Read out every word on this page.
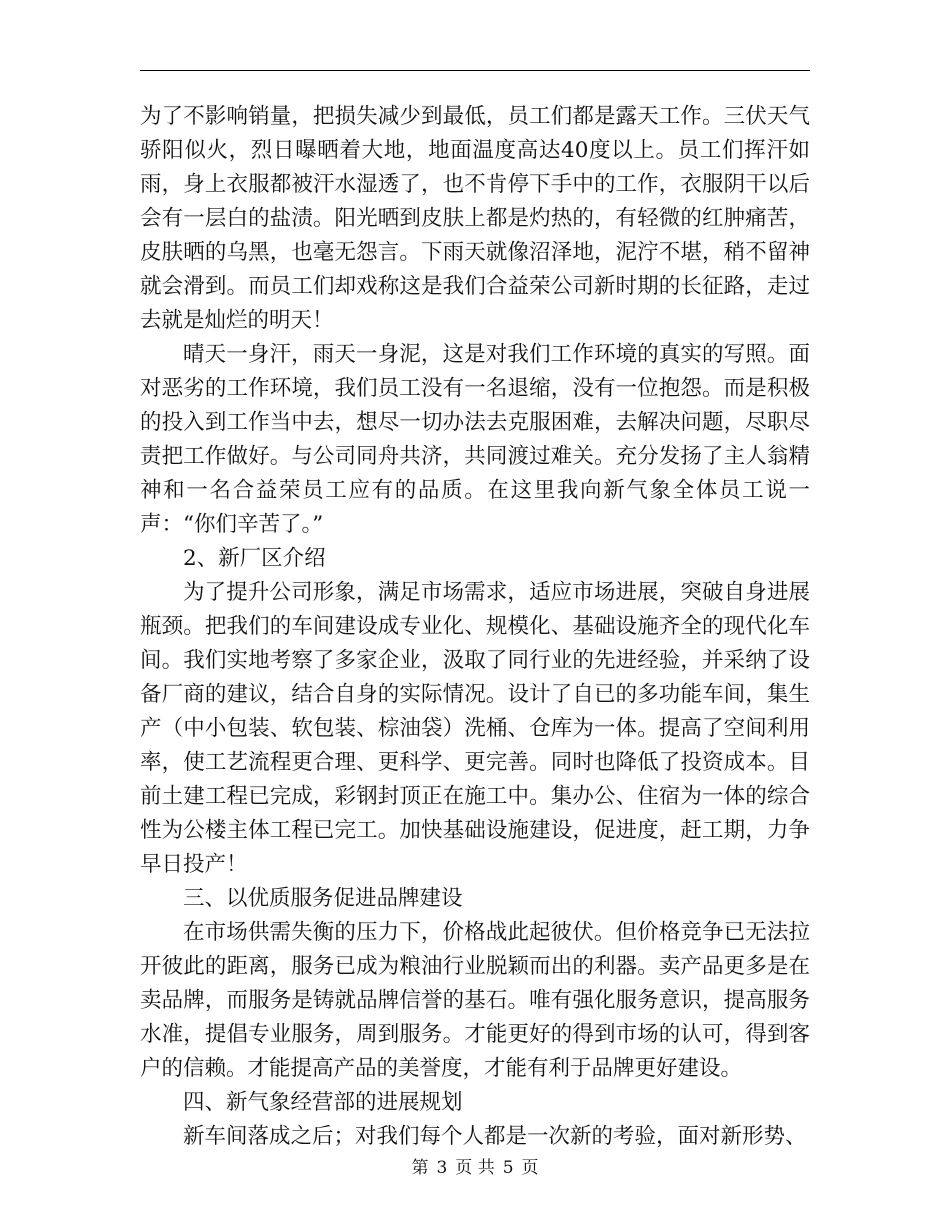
为了不影响销量，把损失减少到最低，员工们都是露天工作。三伏天气骄阳似火，烈日曝晒着大地，地面温度高达40度以上。员工们挥汗如雨，身上衣服都被汗水湿透了，也不肯停下手中的工作，衣服阴干以后会有一层白的盐渍。阳光晒到皮肤上都是灼热的，有轻微的红肿痛苦，皮肤晒的乌黑，也毫无怨言。下雨天就像沼泽地，泥泞不堪，稍不留神就会滑到。而员工们却戏称这是我们合益荣公司新时期的长征路，走过去就是灿烂的明天！

晴天一身汗，雨天一身泥，这是对我们工作环境的真实的写照。面对恶劣的工作环境，我们员工没有一名退缩，没有一位抱怨。而是积极的投入到工作当中去，想尽一切办法去克服困难，去解决问题，尽职尽责把工作做好。与公司同舟共济，共同渡过难关。充分发扬了主人翁精神和一名合益荣员工应有的品质。在这里我向新气象全体员工说一声：“你们辛苦了。”

2、新厂区介绍

为了提升公司形象，满足市场需求，适应市场进展，突破自身进展瓶颈。把我们的车间建设成专业化、规模化、基础设施齐全的现代化车间。我们实地考察了多家企业，汲取了同行业的先进经验，并采纳了设备厂商的建议，结合自身的实际情况。设计了自已的多功能车间，集生产（中小包装、软包装、棕油袋）洗桶、仓库为一体。提高了空间利用率，使工艺流程更合理、更科学、更完善。同时也降低了投资成本。目前土建工程已完成，彩钢封顶正在施工中。集办公、住宿为一体的综合性为公楼主体工程已完工。加快基础设施建设，促进度，赶工期，力争早日投产！

三、以优质服务促进品牌建设

在市场供需失衡的压力下，价格战此起彼伏。但价格竞争已无法拉开彼此的距离，服务已成为粮油行业脱颖而出的利器。卖产品更多是在卖品牌，而服务是铸就品牌信誉的基石。唯有强化服务意识，提高服务水准，提倡专业服务，周到服务。才能更好的得到市场的认可，得到客户的信赖。才能提高产品的美誉度，才能有利于品牌更好建设。

四、新气象经营部的进展规划

新车间落成之后；对我们每个人都是一次新的考验，面对新形势、

第 3 页 共 5 页
